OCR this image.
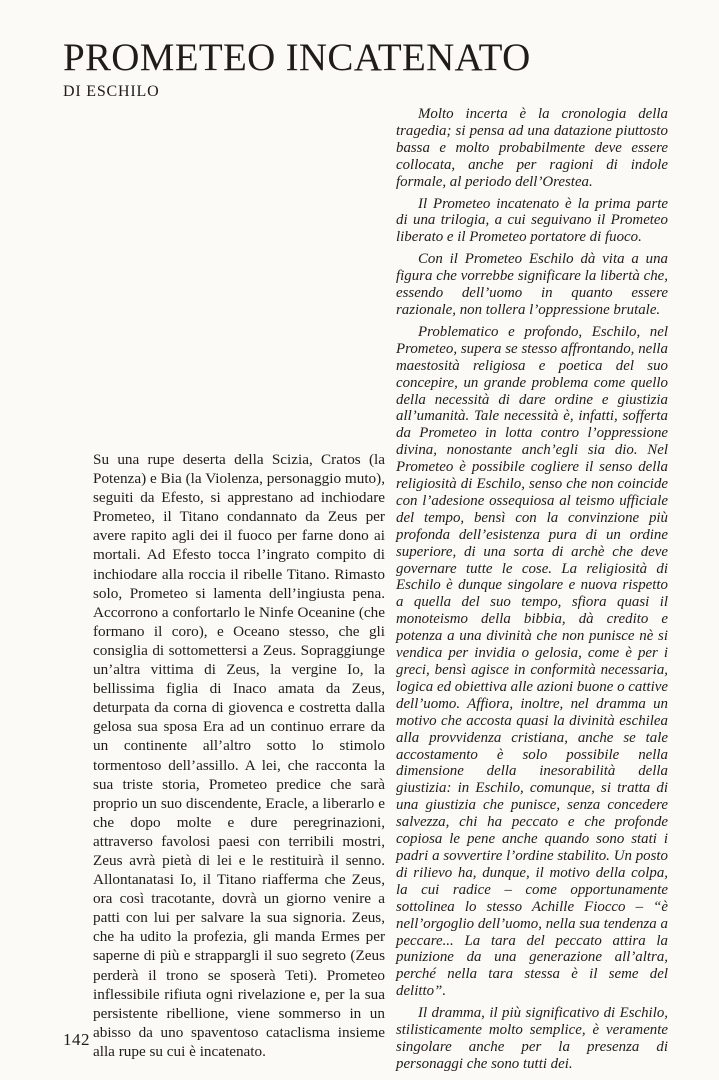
PROMETEO INCATENATO
DI ESCHILO

Su una rupe deserta della Scizia, Cratos (la Potenza) e Bia (la Violenza, personaggio muto), seguiti da Efesto, si apprestano ad inchiodare Prometeo, il Titano condannato da Zeus per avere rapito agli dei il fuoco per farne dono ai mortali. Ad Efesto tocca l’ingrato compito di inchiodare alla roccia il ribelle Titano. Rimasto solo, Prometeo si lamenta dell’ingiusta pena. Accorrono a confortarlo le Ninfe Oceanine (che formano il coro), e Oceano stesso, che gli consiglia di sottomettersi a Zeus. Sopraggiunge un’altra vittima di Zeus, la vergine Io, la bellissima figlia di Inaco amata da Zeus, deturpata da corna di giovenca e costretta dalla gelosa sua sposa Era ad un continuo errare da un continente all’altro sotto lo stimolo tormentoso dell’assillo. A lei, che racconta la sua triste storia, Prometeo predice che sarà proprio un suo discendente, Eracle, a liberarlo e che dopo molte e dure peregrinazioni, attraverso favolosi paesi con terribili mostri, Zeus avrà pietà di lei e le restituirà il senno. Allontanatasi Io, il Titano riafferma che Zeus, ora così tracotante, dovrà un giorno venire a patti con lui per salvare la sua signoria. Zeus, che ha udito la profezia, gli manda Ermes per saperne di più e strappargli il suo segreto (Zeus perderà il trono se sposerà Teti). Prometeo inflessibile rifiuta ogni rivelazione e, per la sua persistente ribellione, viene sommerso in un abisso da uno spaventoso cataclisma insieme alla rupe su cui è incatenato.

Molto incerta è la cronologia della tragedia; si pensa ad una datazione piuttosto bassa e molto probabilmente deve essere collocata, anche per ragioni di indole formale, al periodo dell’Orestea.

Il Prometeo incatenato è la prima parte di una trilogia, a cui seguivano il Prometeo liberato e il Prometeo portatore di fuoco.

Con il Prometeo Eschilo dà vita a una figura che vorrebbe significare la libertà che, essendo dell’uomo in quanto essere razionale, non tollera l’oppressione brutale.

Problematico e profondo, Eschilo, nel Prometeo, supera se stesso affrontando, nella maestosità religiosa e poetica del suo concepire, un grande problema come quello della necessità di dare ordine e giustizia all’umanità. Tale necessità è, infatti, sofferta da Prometeo in lotta contro l’oppressione divina, nonostante anch’egli sia dio. Nel Prometeo è possibile cogliere il senso della religiosità di Eschilo, senso che non coincide con l’adesione ossequiosa al teismo ufficiale del tempo, bensì con la convinzione più profonda dell’esistenza pura di un ordine superiore, di una sorta di archè che deve governare tutte le cose. La religiosità di Eschilo è dunque singolare e nuova rispetto a quella del suo tempo, sfiora quasi il monoteismo della bibbia, dà credito e potenza a una divinità che non punisce nè si vendica per invidia o gelosia, come è per i greci, bensì agisce in conformità necessaria, logica ed obiettiva alle azioni buone o cattive dell’uomo. Affiora, inoltre, nel dramma un motivo che accosta quasi la divinità eschilea alla provvidenza cristiana, anche se tale accostamento è solo possibile nella dimensione della inesorabilità della giustizia: in Eschilo, comunque, si tratta di una giustizia che punisce, senza concedere salvezza, chi ha peccato e che profonde copiosa le pene anche quando sono stati i padri a sovvertire l’ordine stabilito. Un posto di rilievo ha, dunque, il motivo della colpa, la cui radice – come opportunamente sottolinea lo stesso Achille Fiocco – “è nell’orgoglio dell’uomo, nella sua tendenza a peccare... La tara del peccato attira la punizione da una generazione all’altra, perché nella tara stessa è il seme del delitto”.

Il dramma, il più significativo di Eschilo, stilisticamente molto semplice, è veramente singolare anche per la presenza di personaggi che sono tutti dei.

142
